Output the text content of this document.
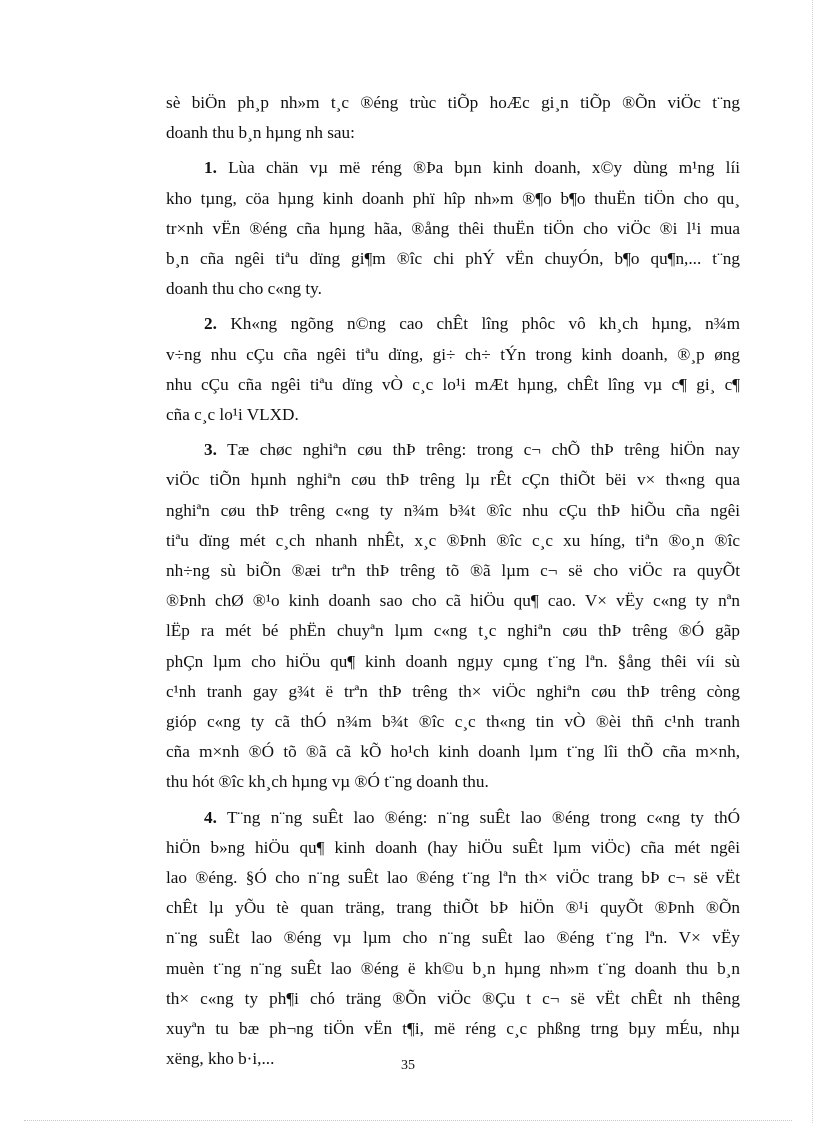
sè biÖn ph¸p nh»m t¸c ®éng trùc tiÕp hoÆc gi¸n tiÕp ®Õn viÖc t¨ng
doanh thu b¸n hµng nh sau:
1. Lùa chän vµ më réng ®Þa bµn kinh doanh, x©y dùng m¹ng líi
kho tµng, cöa hµng kinh doanh phï hîp nh»m ®¶o b¶o thuËn tiÖn cho qu¸
tr×nh vËn ®éng cña hµng hãa, ®ång thêi thuËn tiÖn cho viÖc ®i l¹i mua
b¸n cña ngêi tiªu dïng gi¶m ®îc chi phÝ vËn chuyÓn, b¶o qu¶n,... t¨ng
doanh thu cho c«ng ty.
2. Kh«ng ngõng n©ng cao chÊt lîng phôc vô kh¸ch hµng, n¾m
v÷ng nhu cÇu cña ngêi tiªu dïng, gi÷ ch÷ tÝn trong kinh doanh, ®¸p øng
nhu cÇu cña ngêi tiªu dïng vÒ c¸c lo¹i mÆt hµng, chÊt lîng vµ c¶ gi¸ c¶
cña c¸c lo¹i VLXD.
3. Tæ chøc nghiªn cøu thÞ trêng: trong c¬ chÕ thÞ trêng hiÖn nay
viÖc tiÕn hµnh nghiªn cøu thÞ trêng lµ rÊt cÇn thiÕt bëi v× th«ng qua
nghiªn cøu thÞ trêng c«ng ty n¾m b¾t ®îc nhu cÇu thÞ hiÕu cña ngêi
tiªu dïng mét c¸ch nhanh nhÊt, x¸c ®Þnh ®îc c¸c xu híng, tiªn ®o¸n ®îc
nh÷ng sù biÕn ®æi trªn thÞ trêng tõ ®ã lµm c¬ së cho viÖc ra quyÕt
®Þnh chØ ®¹o kinh doanh sao cho cã hiÖu qu¶ cao. V× vËy c«ng ty nªn
lËp ra mét bé phËn chuyªn lµm c«ng t¸c nghiªn cøu thÞ trêng ®Ó gãp
phÇn lµm cho hiÖu qu¶ kinh doanh ngµy cµng t¨ng lªn. §ång thêi víi sù
c¹nh tranh gay g¾t ë trªn thÞ trêng th× viÖc nghiªn cøu thÞ trêng còng
gióp c«ng ty cã thÓ n¾m b¾t ®îc c¸c th«ng tin vÒ ®èi thñ c¹nh tranh
cña m×nh ®Ó tõ ®ã cã kÕ ho¹ch kinh doanh lµm t¨ng lîi thÕ cña m×nh,
thu hót ®îc kh¸ch hµng vµ ®Ó t¨ng doanh thu.
4. T¨ng n¨ng suÊt lao ®éng: n¨ng suÊt lao ®éng trong c«ng ty thÓ
hiÖn b»ng hiÖu qu¶ kinh doanh (hay hiÖu suÊt lµm viÖc) cña mét ngêi
lao ®éng. §Ó cho n¨ng suÊt lao ®éng t¨ng lªn th× viÖc trang bÞ c¬ së vËt
chÊt lµ yÕu tè quan träng, trang thiÕt bÞ hiÖn ®¹i quyÕt ®Þnh ®Õn
n¨ng suÊt lao ®éng vµ lµm cho n¨ng suÊt lao ®éng t¨ng lªn. V× vËy
muèn t¨ng n¨ng suÊt lao ®éng ë kh©u b¸n hµng nh»m t¨ng doanh thu b¸n
th× c«ng ty ph¶i chó träng ®Õn viÖc ®Çu t c¬ së vËt chÊt nh thêng
xuyªn tu bæ ph¬ng tiÖn vËn t¶i, më réng c¸c phßng trng bµy mÉu, nhµ
xëng, kho b·i,...	35
